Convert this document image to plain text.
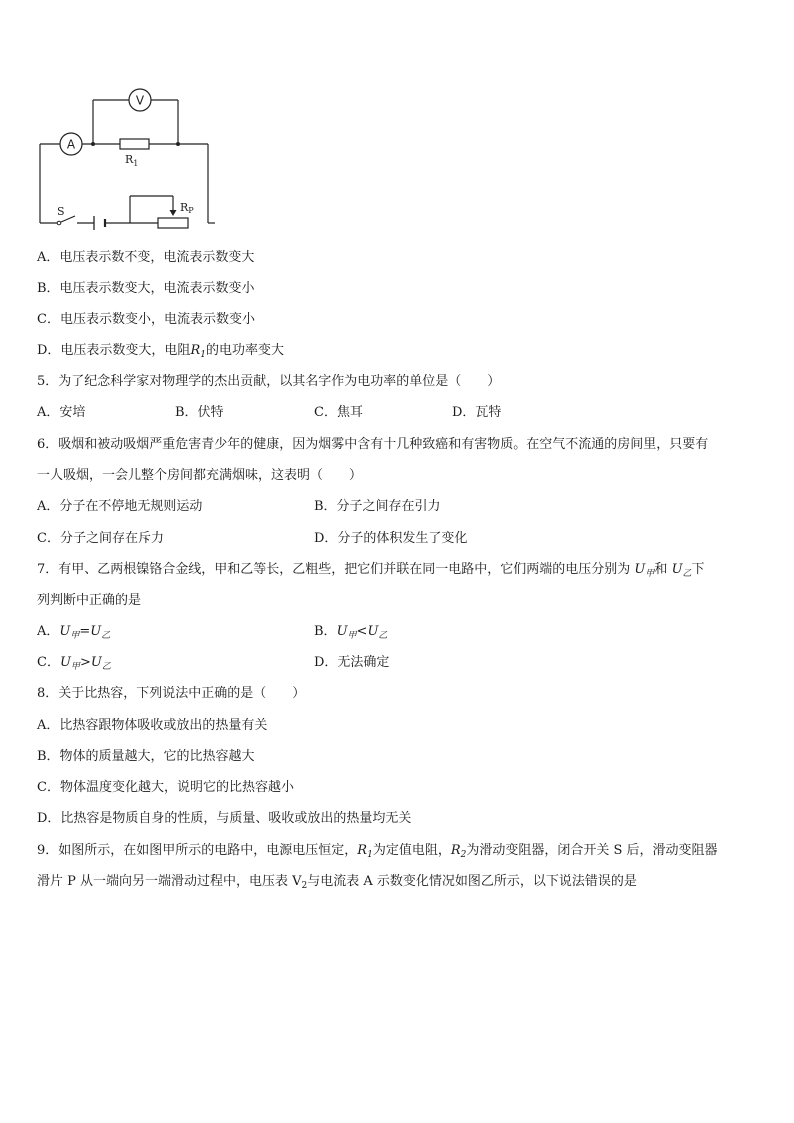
V
A
$R_1$
S	RP
A．电压表示数不变，电流表示数变大
B．电压表示数变大，电流表示数变小
C．电压表示数变小，电流表示数变小
D．电压表示数变大，电阻$R_1$的电功率变大
5．为了纪念科学家对物理学的杰出贡献，以其名字作为电功率的单位是（　　）
A．安培	B．伏特	C．焦耳	D．瓦特
6．吸烟和被动吸烟严重危害青少年的健康，因为烟雾中含有十几种致癌和有害物质。在空气不流通的房间里，只要有
一人吸烟，一会儿整个房间都充满烟味，这表明（　　）
A．分子在不停地无规则运动	B．分子之间存在引力
C．分子之间存在斥力	D．分子的体积发生了变化
7．有甲、乙两根镍铬合金线，甲和乙等长，乙粗些，把它们并联在同一电路中，它们两端的电压分别为 $U_甲$和 $U_乙$下
列判断中正确的是
A．$U_甲=U_乙$	B．$U_甲<U_乙$
C．$U_甲>U_乙$	D．无法确定
8．关于比热容，下列说法中正确的是（　　）
A．比热容跟物体吸收或放出的热量有关
B．物体的质量越大，它的比热容越大
C．物体温度变化越大，说明它的比热容越小
D．比热容是物质自身的性质，与质量、吸收或放出的热量均无关
9．如图所示，在如图甲所示的电路中，电源电压恒定，$R_1$为定值电阻，$R_2$为滑动变阻器，闭合开关 S 后，滑动变阻器
滑片 P 从一端向另一端滑动过程中，电压表 $V_2$与电流表 A 示数变化情况如图乙所示，以下说法错误的是
